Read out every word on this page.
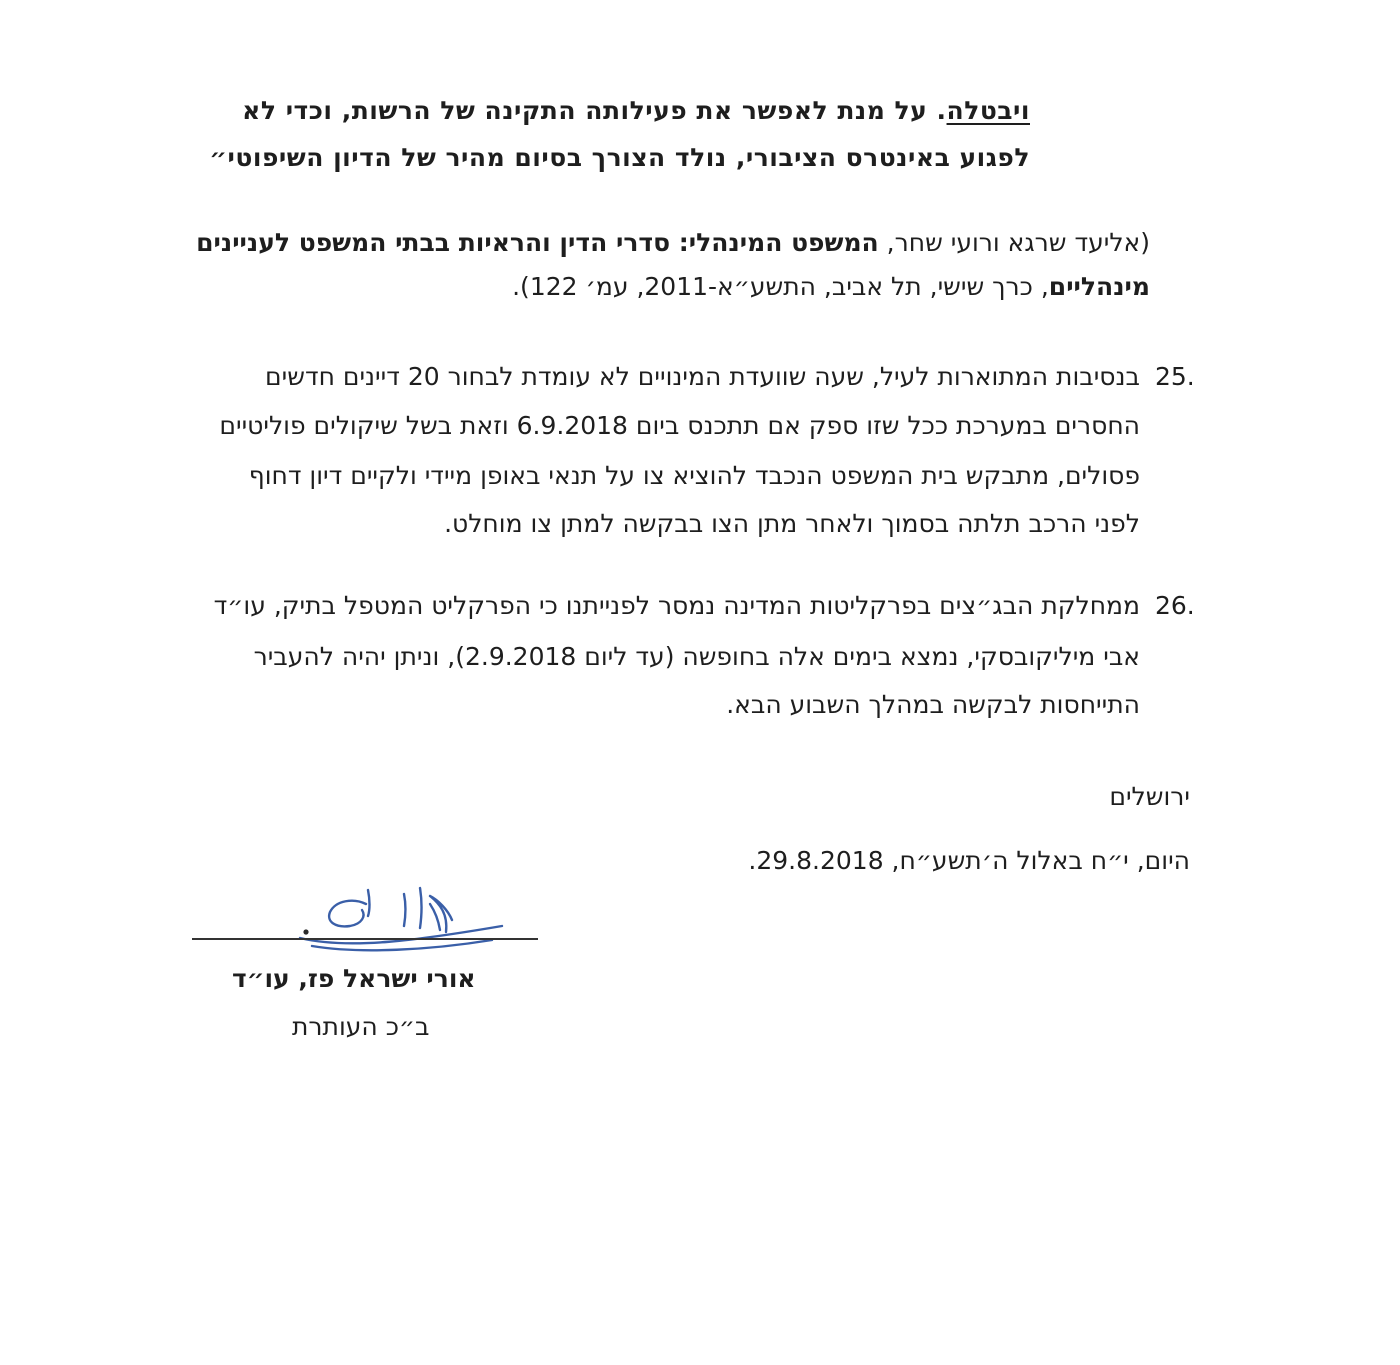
ויבטלה. על מנת לאפשר את פעילותה התקינה של הרשות, וכדי לא
לפגוע באינטרס הציבורי, נולד הצורך בסיום מהיר של הדיון השיפוטי״
(אליעד שרגא ורועי שחר, המשפט המינהלי: סדרי הדין והראיות בבתי המשפט לעניינים
מינהליים, כרך שישי, תל אביב, התשע״א-2011, עמ׳ 122).
25.
בנסיבות המתוארות לעיל, שעה שוועדת המינויים לא עומדת לבחור 20 דיינים חדשים
החסרים במערכת ככל שזו ספק אם תתכנס ביום 6.9.2018 וזאת בשל שיקולים פוליטיים
פסולים, מתבקש בית המשפט הנכבד להוציא צו על תנאי באופן מיידי ולקיים דיון דחוף
לפני הרכב תלתה בסמוך ולאחר מתן הצו בבקשה למתן צו מוחלט.
26.
ממחלקת הבג״צים בפרקליטות המדינה נמסר לפנייתנו כי הפרקליט המטפל בתיק, עו״ד
אבי מיליקובסקי, נמצא בימים אלה בחופשה (עד ליום 2.9.2018), וניתן יהיה להעביר
התייחסות לבקשה במהלך השבוע הבא.
ירושלים
היום, י״ח באלול ה׳תשע״ח, 29.8.2018.
אורי ישראל פז, עו״ד
ב״כ העותרת
